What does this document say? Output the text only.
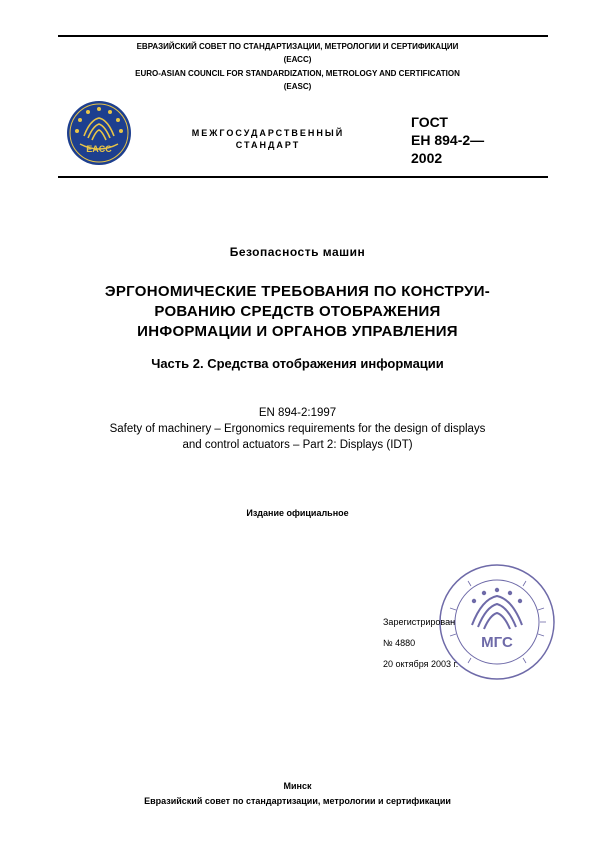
ЕВРАЗИЙСКИЙ СОВЕТ ПО СТАНДАРТИЗАЦИИ, МЕТРОЛОГИИ И СЕРТИФИКАЦИИ
(ЕАСС)
EURO-ASIAN COUNCIL FOR STANDARDIZATION, METROLOGY AND CERTIFICATION
(EASC)
EACC
МЕЖГОСУДАРСТВЕННЫЙ
СТАНДАРТ
ГОСТ
ЕН 894-2—
2002
Безопасность машин
ЭРГОНОМИЧЕСКИЕ ТРЕБОВАНИЯ ПО КОНСТРУИ-
РОВАНИЮ СРЕДСТВ ОТОБРАЖЕНИЯ
ИНФОРМАЦИИ И ОРГАНОВ УПРАВЛЕНИЯ
Часть 2. Средства отображения информации
EN 894-2:1997
Safety of machinery – Ergonomics requirements for the design of displays
and control actuators – Part 2: Displays (IDT)
Издание официальное
МГС
Зарегистрирован
№ 4880
20 октября 2003 г.
Минск
Евразийский совет по стандартизации, метрологии и сертификации
